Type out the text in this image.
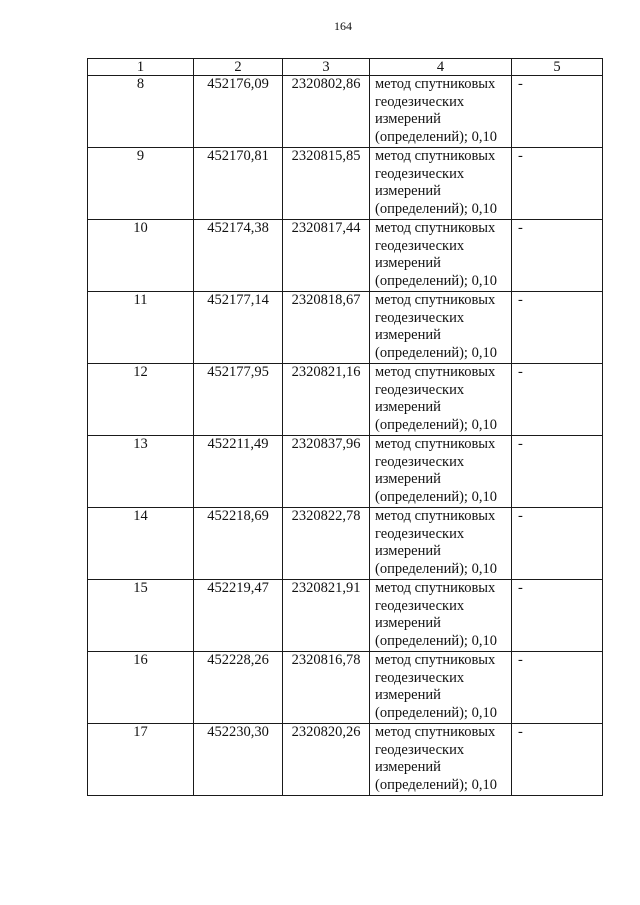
164
1	2	3	4	5
8	452176,09	2320802,86	метод спутниковых геодезических измерений (определений); 0,10	-
9	452170,81	2320815,85	метод спутниковых геодезических измерений (определений); 0,10	-
10	452174,38	2320817,44	метод спутниковых геодезических измерений (определений); 0,10	-
11	452177,14	2320818,67	метод спутниковых геодезических измерений (определений); 0,10	-
12	452177,95	2320821,16	метод спутниковых геодезических измерений (определений); 0,10	-
13	452211,49	2320837,96	метод спутниковых геодезических измерений (определений); 0,10	-
14	452218,69	2320822,78	метод спутниковых геодезических измерений (определений); 0,10	-
15	452219,47	2320821,91	метод спутниковых геодезических измерений (определений); 0,10	-
16	452228,26	2320816,78	метод спутниковых геодезических измерений (определений); 0,10	-
17	452230,30	2320820,26	метод спутниковых геодезических измерений (определений); 0,10	-
